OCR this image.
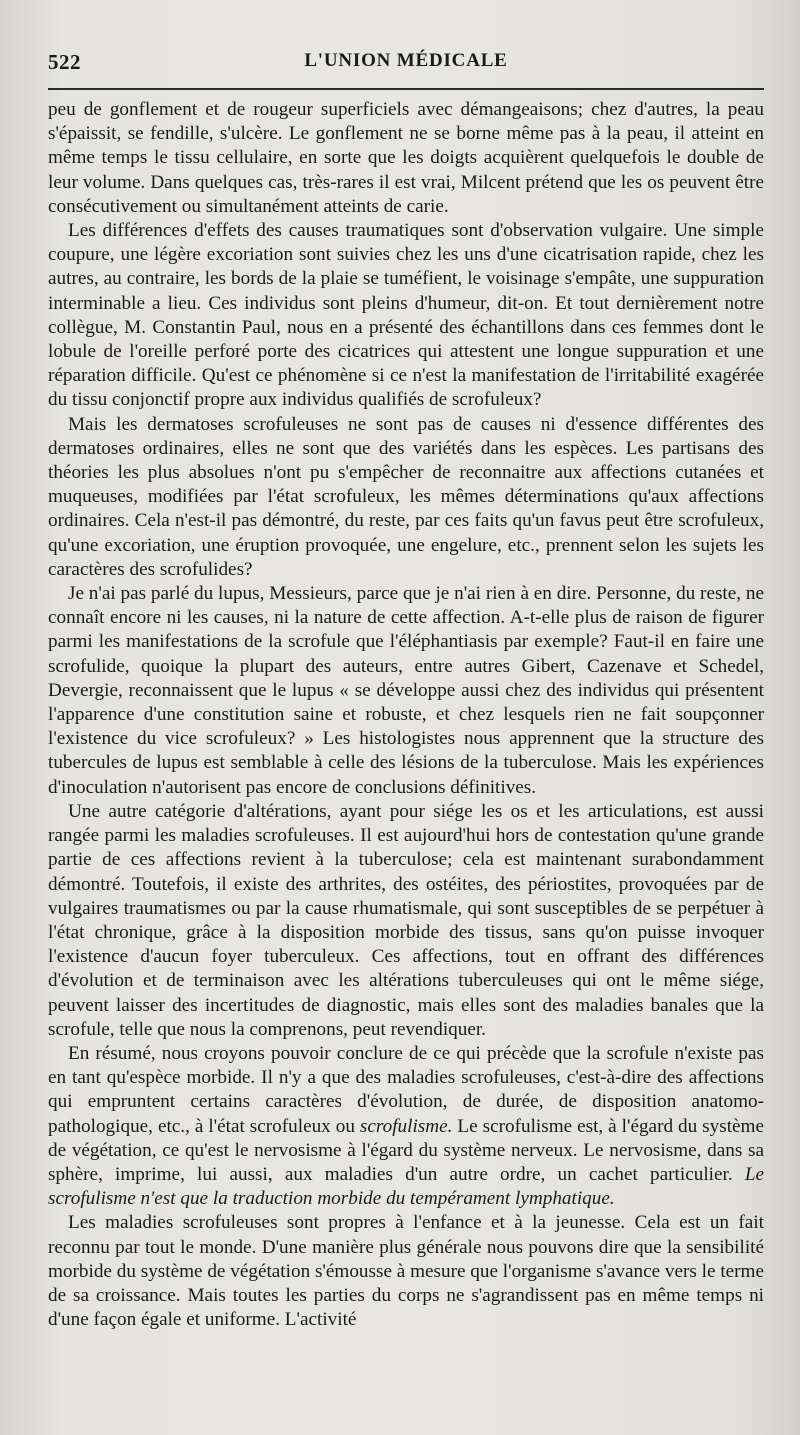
522	L'UNION MÉDICALE

peu de gonflement et de rougeur superficiels avec démangeaisons; chez d'autres, la peau s'épaissit, se fendille, s'ulcère. Le gonflement ne se borne même pas à la peau, il atteint en même temps le tissu cellulaire, en sorte que les doigts acquièrent quelquefois le double de leur volume. Dans quelques cas, très-rares il est vrai, Milcent prétend que les os peuvent être consécutivement ou simultanément atteints de carie.

Les différences d'effets des causes traumatiques sont d'observation vulgaire. Une simple coupure, une légère excoriation sont suivies chez les uns d'une cicatrisation rapide, chez les autres, au contraire, les bords de la plaie se tuméfient, le voisinage s'empâte, une suppuration interminable a lieu. Ces individus sont pleins d'humeur, dit-on. Et tout dernièrement notre collègue, M. Constantin Paul, nous en a présenté des échantillons dans ces femmes dont le lobule de l'oreille perforé porte des cicatrices qui attestent une longue suppuration et une réparation difficile. Qu'est ce phénomène si ce n'est la manifestation de l'irritabilité exagérée du tissu conjonctif propre aux individus qualifiés de scrofuleux?

Mais les dermatoses scrofuleuses ne sont pas de causes ni d'essence différentes des dermatoses ordinaires, elles ne sont que des variétés dans les espèces. Les partisans des théories les plus absolues n'ont pu s'empêcher de reconnaitre aux affections cutanées et muqueuses, modifiées par l'état scrofuleux, les mêmes déterminations qu'aux affections ordinaires. Cela n'est-il pas démontré, du reste, par ces faits qu'un favus peut être scrofuleux, qu'une excoriation, une éruption provoquée, une engelure, etc., prennent selon les sujets les caractères des scrofulides?

Je n'ai pas parlé du lupus, Messieurs, parce que je n'ai rien à en dire. Personne, du reste, ne connaît encore ni les causes, ni la nature de cette affection. A-t-elle plus de raison de figurer parmi les manifestations de la scrofule que l'éléphantiasis par exemple? Faut-il en faire une scrofulide, quoique la plupart des auteurs, entre autres Gibert, Cazenave et Schedel, Devergie, reconnaissent que le lupus « se développe aussi chez des individus qui présentent l'apparence d'une constitution saine et robuste, et chez lesquels rien ne fait soupçonner l'existence du vice scrofuleux? » Les histologistes nous apprennent que la structure des tubercules de lupus est semblable à celle des lésions de la tuberculose. Mais les expériences d'inoculation n'autorisent pas encore de conclusions définitives.

Une autre catégorie d'altérations, ayant pour siége les os et les articulations, est aussi rangée parmi les maladies scrofuleuses. Il est aujourd'hui hors de contestation qu'une grande partie de ces affections revient à la tuberculose; cela est maintenant surabondamment démontré. Toutefois, il existe des arthrites, des ostéites, des périostites, provoquées par de vulgaires traumatismes ou par la cause rhumatismale, qui sont susceptibles de se perpétuer à l'état chronique, grâce à la disposition morbide des tissus, sans qu'on puisse invoquer l'existence d'aucun foyer tuberculeux. Ces affections, tout en offrant des différences d'évolution et de terminaison avec les altérations tuberculeuses qui ont le même siége, peuvent laisser des incertitudes de diagnostic, mais elles sont des maladies banales que la scrofule, telle que nous la comprenons, peut revendiquer.

En résumé, nous croyons pouvoir conclure de ce qui précède que la scrofule n'existe pas en tant qu'espèce morbide. Il n'y a que des maladies scrofuleuses, c'est-à-dire des affections qui empruntent certains caractères d'évolution, de durée, de disposition anatomo-pathologique, etc., à l'état scrofuleux ou scrofulisme. Le scrofulisme est, à l'égard du système de végétation, ce qu'est le nervosisme à l'égard du système nerveux. Le nervosisme, dans sa sphère, imprime, lui aussi, aux maladies d'un autre ordre, un cachet particulier. Le scrofulisme n'est que la traduction morbide du tempérament lymphatique.

Les maladies scrofuleuses sont propres à l'enfance et à la jeunesse. Cela est un fait reconnu par tout le monde. D'une manière plus générale nous pouvons dire que la sensibilité morbide du système de végétation s'émousse à mesure que l'organisme s'avance vers le terme de sa croissance. Mais toutes les parties du corps ne s'agrandissent pas en même temps ni d'une façon égale et uniforme. L'activité
